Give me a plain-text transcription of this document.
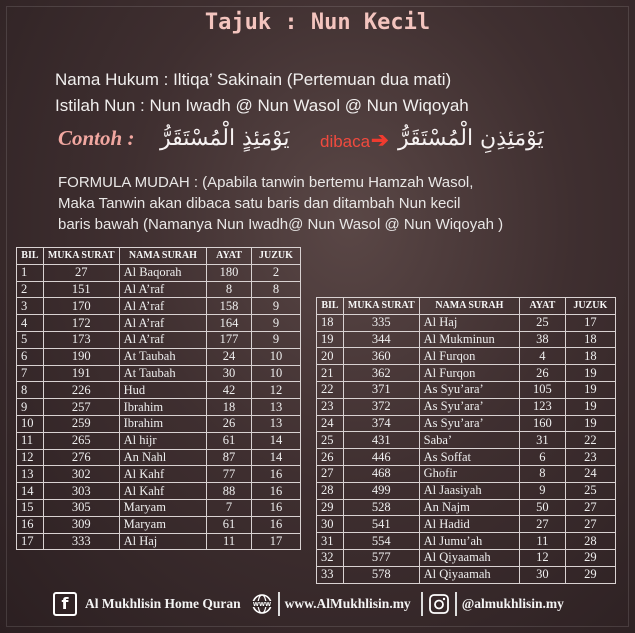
Tajuk : Nun Kecil
Nama Hukum : Iltiqa’ Sakinain (Pertemuan dua mati)
Istilah Nun : Nun Iwadh @ Nun Wasol @ Nun Wiqoyah
Contoh : يَوْمَئِذٍ الْمُسْتَقَرُّ dibaca ➔ يَوْمَئِذِنِ الْمُسْتَقَرُّ
FORMULA MUDAH : (Apabila tanwin bertemu Hamzah Wasol,
Maka Tanwin akan dibaca satu baris dan ditambah Nun kecil
baris bawah (Namanya Nun Iwadh@ Nun Wasol @ Nun Wiqoyah )
BIL	MUKA SURAT	NAMA SURAH	AYAT	JUZUK
1	27	Al Baqorah	180	2
2	151	Al A’raf	8	8
3	170	Al A’raf	158	9
4	172	Al A’raf	164	9
5	173	Al A’raf	177	9
6	190	At Taubah	24	10
7	191	At Taubah	30	10
8	226	Hud	42	12
9	257	Ibrahim	18	13
10	259	Ibrahim	26	13
11	265	Al hijr	61	14
12	276	An Nahl	87	14
13	302	Al Kahf	77	16
14	303	Al Kahf	88	16
15	305	Maryam	7	16
16	309	Maryam	61	16
17	333	Al Haj	11	17
BIL	MUKA SURAT	NAMA SURAH	AYAT	JUZUK
18	335	Al Haj	25	17
19	344	Al Mukminun	38	18
20	360	Al Furqon	4	18
21	362	Al Furqon	26	19
22	371	As Syu’ara’	105	19
23	372	As Syu’ara’	123	19
24	374	As Syu’ara’	160	19
25	431	Saba’	31	22
26	446	As Soffat	6	23
27	468	Ghofir	8	24
28	499	Al Jaasiyah	9	25
29	528	An Najm	50	27
30	541	Al Hadid	27	27
31	554	Al Jumu’ah	11	28
32	577	Al Qiyaamah	12	29
33	578	Al Qiyaamah	30	29
f	Al Mukhlisin Home Quran WWW www.AlMukhlisin.my	@almukhlisin.my
